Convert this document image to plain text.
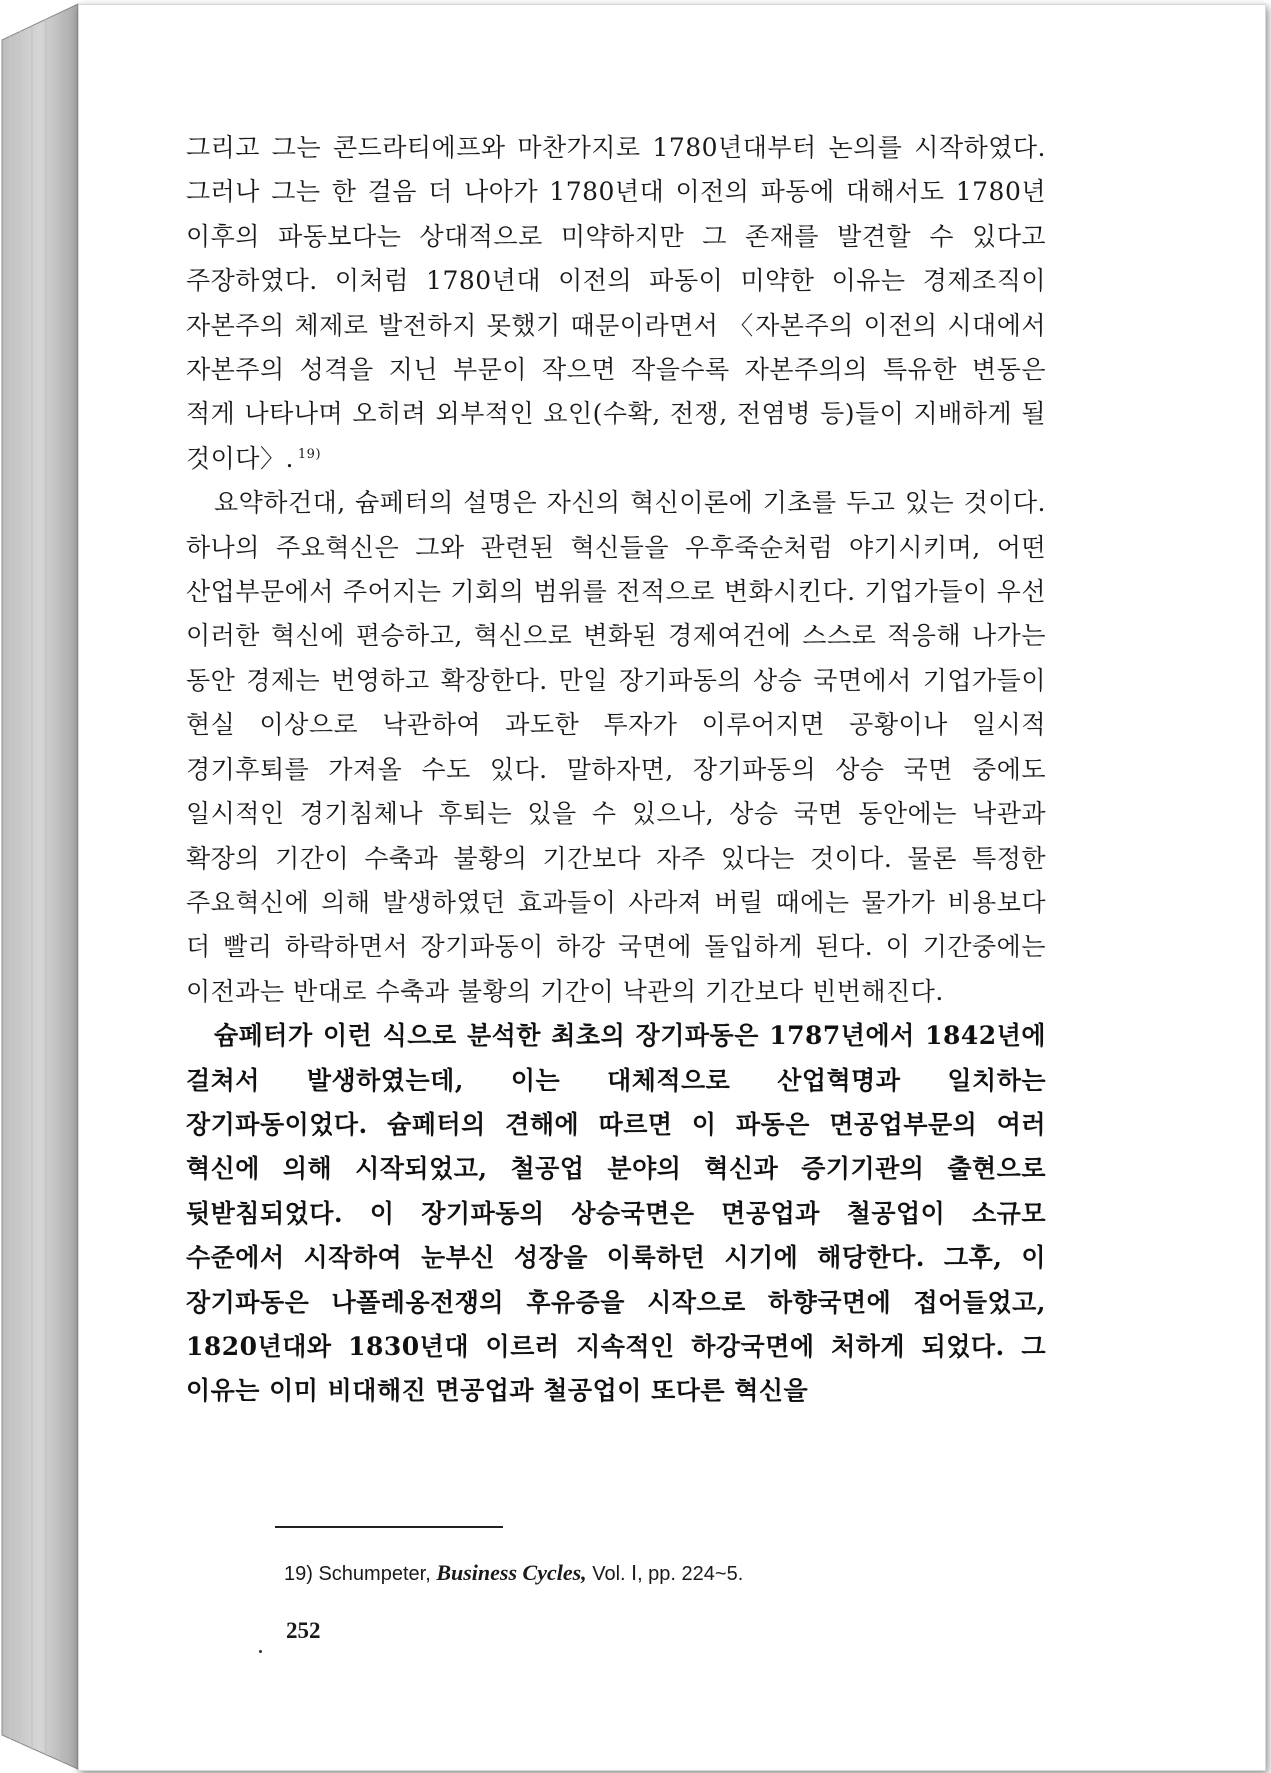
그리고 그는 콘드라티에프와 마찬가지로 1780년대부터 논의를 시작하였다. 그러나 그는 한 걸음 더 나아가 1780년대 이전의 파동에 대해서도 1780년 이후의 파동보다는 상대적으로 미약하지만 그 존재를 발견할 수 있다고 주장하였다. 이처럼 1780년대 이전의 파동이 미약한 이유는 경제조직이 자본주의 체제로 발전하지 못했기 때문이라면서 〈자본주의 이전의 시대에서 자본주의 성격을 지닌 부문이 작으면 작을수록 자본주의의 특유한 변동은 적게 나타나며 오히려 외부적인 요인(수확, 전쟁, 전염병 등)들이 지배하게 될 것이다〉. $^{19)}$

요약하건대, 슘페터의 설명은 자신의 혁신이론에 기초를 두고 있는 것이다. 하나의 주요혁신은 그와 관련된 혁신들을 우후죽순처럼 야기시키며, 어떤 산업부문에서 주어지는 기회의 범위를 전적으로 변화시킨다. 기업가들이 우선 이러한 혁신에 편승하고, 혁신으로 변화된 경제여건에 스스로 적응해 나가는 동안 경제는 번영하고 확장한다. 만일 장기파동의 상승 국면에서 기업가들이 현실 이상으로 낙관하여 과도한 투자가 이루어지면 공황이나 일시적 경기후퇴를 가져올 수도 있다. 말하자면, 장기파동의 상승 국면 중에도 일시적인 경기침체나 후퇴는 있을 수 있으나, 상승 국면 동안에는 낙관과 확장의 기간이 수축과 불황의 기간보다 자주 있다는 것이다. 물론 특정한 주요혁신에 의해 발생하였던 효과들이 사라져 버릴 때에는 물가가 비용보다 더 빨리 하락하면서 장기파동이 하강 국면에 돌입하게 된다. 이 기간중에는 이전과는 반대로 수축과 불황의 기간이 낙관의 기간보다 빈번해진다.

슘페터가 이런 식으로 분석한 최초의 장기파동은 1787년에서 1842년에 걸쳐서 발생하였는데, 이는 대체적으로 산업혁명과 일치하는 장기파동이었다. 슘페터의 견해에 따르면 이 파동은 면공업부문의 여러 혁신에 의해 시작되었고, 철공업 분야의 혁신과 증기기관의 출현으로 뒷받침되었다. 이 장기파동의 상승국면은 면공업과 철공업이 소규모 수준에서 시작하여 눈부신 성장을 이룩하던 시기에 해당한다. 그후, 이 장기파동은 나폴레옹전쟁의 후유증을 시작으로 하향국면에 접어들었고, 1820년대와 1830년대 이르러 지속적인 하강국면에 처하게 되었다. 그 이유는 이미 비대해진 면공업과 철공업이 또다른 혁신을

19) Schumpeter, Business Cycles, Vol. Ⅰ, pp. 224~5.
252
